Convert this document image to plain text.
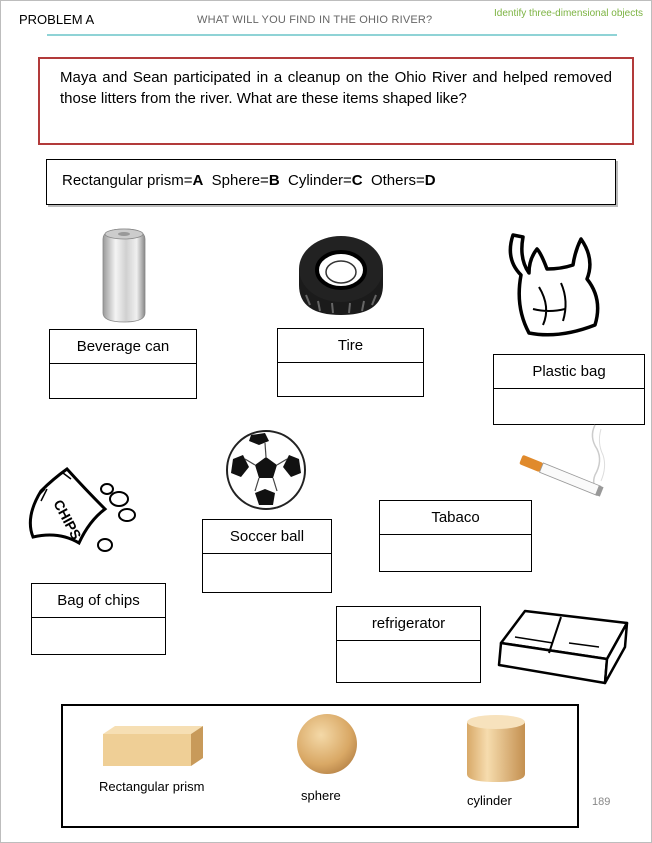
PROBLEM A	WHAT WILL YOU FIND IN THE OHIO RIVER?
Identify three-dimensional objects
Maya and Sean participated in a cleanup on the Ohio River and helped removed those litters from the river. What are these items shaped like?
Rectangular prism=A Sphere=B Cylinder=C Others=D
Beverage can	Tire
Plastic bag
Soccer ball
Tabaco
CHIPS
Bag of chips
refrigerator
Rectangular prism
sphere	cylinder	189
